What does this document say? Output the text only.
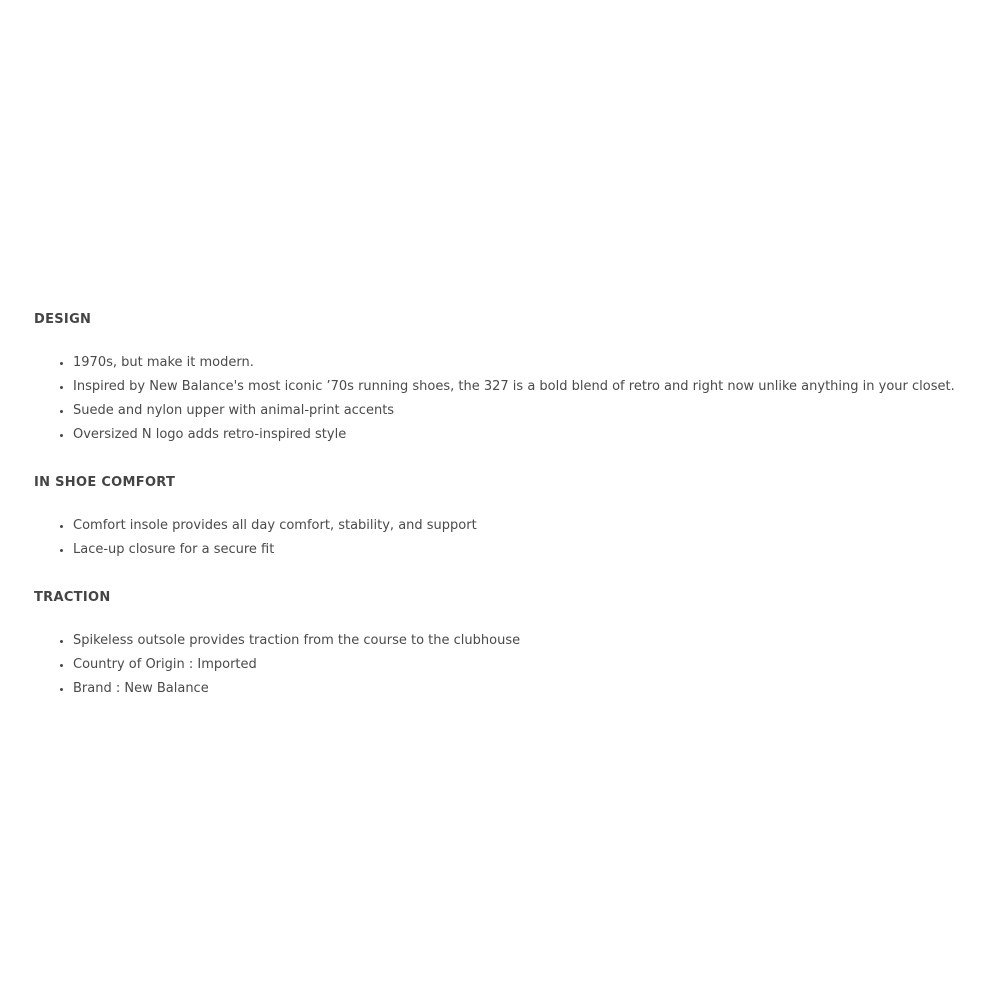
DESIGN
• 1970s, but make it modern.
• Inspired by New Balance's most iconic ’70s running shoes, the 327 is a bold blend of retro and right now unlike anything in your closet.
• Suede and nylon upper with animal-print accents
• Oversized N logo adds retro-inspired style
IN SHOE COMFORT
• Comfort insole provides all day comfort, stability, and support
• Lace-up closure for a secure fit
TRACTION
• Spikeless outsole provides traction from the course to the clubhouse
• Country of Origin : Imported
• Brand : New Balance
